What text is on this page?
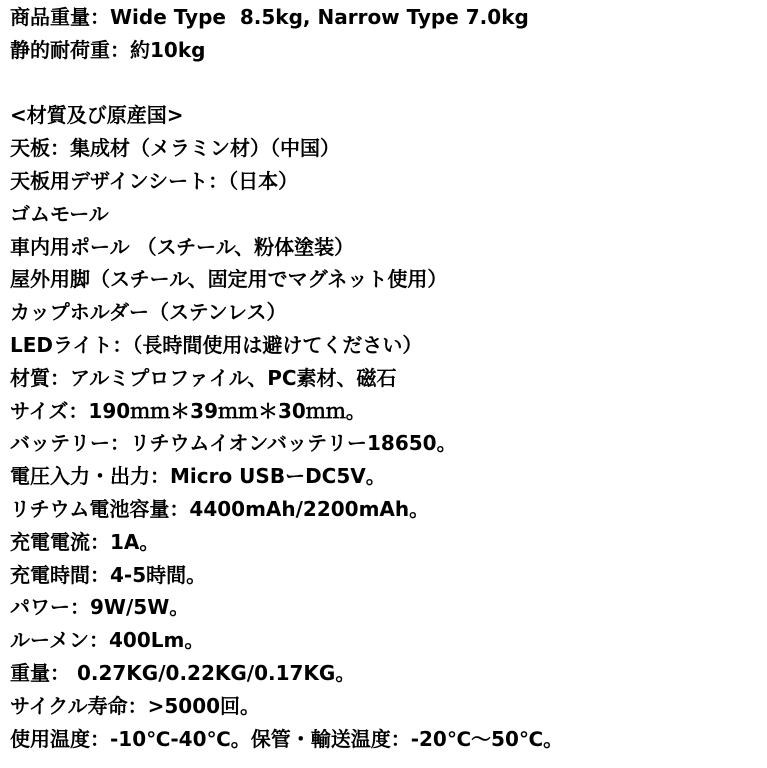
商品重量：Wide Type  8.5kg, Narrow Type 7.0kg
静的耐荷重：約10kg
<材質及び原産国>
天板：集成材（メラミン材）（中国）
天板用デザインシート：（日本）
ゴムモール
車内用ポール （スチール、粉体塗装）
屋外用脚（スチール、固定用でマグネット使用）
カップホルダー（ステンレス）
LEDライト：（長時間使用は避けてください）
材質：アルミプロファイル、PC素材、磁石
サイズ：190ｍｍ＊39ｍｍ＊30ｍｍ。
バッテリー：リチウムイオンバッテリー18650。
電圧入力・出力：Micro USBーDC5V。
リチウム電池容量：4400mAh/2200mAh。
充電電流：1A。
充電時間：4-5時間。
パワー：9W/5W。
ルーメン：400Lm。
重量： 0.27KG/0.22KG/0.17KG。
サイクル寿命：>5000回。
使用温度：-10℃-40℃。保管・輸送温度：-20℃～50℃。
